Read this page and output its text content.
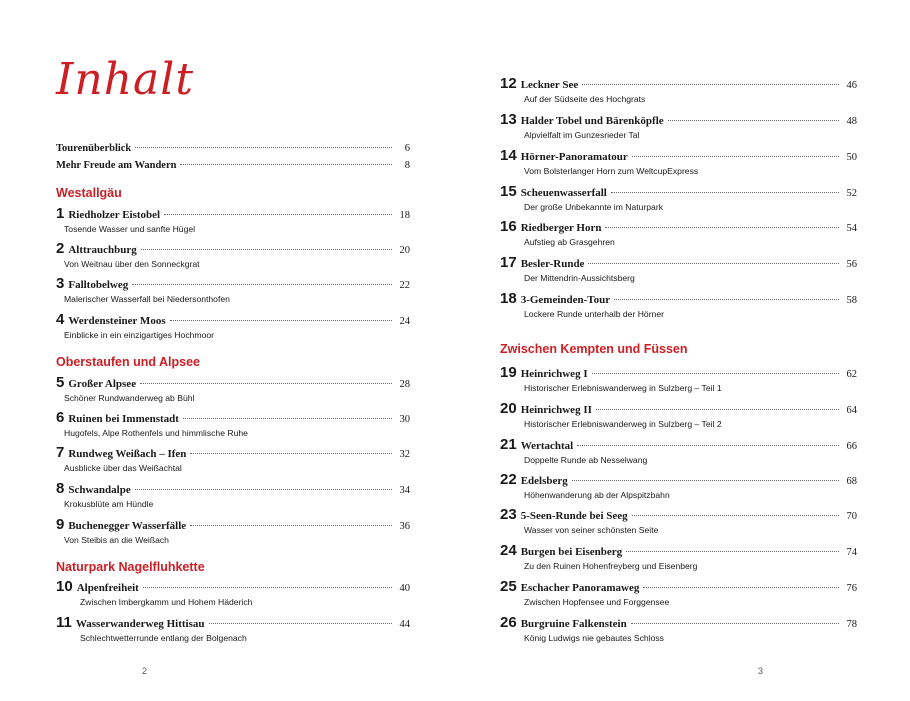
Inhalt
Tourenüberblick	6
Mehr Freude am Wandern	8
Westallgäu
1 Riedholzer Eistobel	18
Tosende Wasser und sanfte Hügel
2 Alttrauchburg	20
Von Weitnau über den Sonneckgrat
3 Falltobelweg	22
Malerischer Wasserfall bei Niedersonthofen
4 Werdensteiner Moos	24
Einblicke in ein einzigartiges Hochmoor
Oberstaufen und Alpsee
5 Großer Alpsee	28
Schöner Rundwanderweg ab Bühl
6 Ruinen bei Immenstadt	30
Hugofels, Alpe Rothenfels und himmlische Ruhe
7 Rundweg Weißach – Ifen	32
Ausblicke über das Weißachtal
8 Schwandalpe	34
Krokusblüte am Hündle
9 Buchenegger Wasserfälle	36
Von Steibis an die Weißach
Naturpark Nagelfluhkette
10 Alpenfreiheit	40
Zwischen Imbergkamm und Hohem Häderich
11 Wasserwanderweg Hittisau	44
Schlechtwetterrunde entlang der Bolgenach
2
12 Leckner See	46
Auf der Südseite des Hochgrats
13 Halder Tobel und Bärenköpfle	48
Alpvielfalt im Gunzesrieder Tal
14 Hörner-Panoramatour	50
Vom Bolsterlanger Horn zum WeltcupExpress
15 Scheuenwasserfall	52
Der große Unbekannte im Naturpark
16 Riedberger Horn	54
Aufstieg ab Grasgehren
17 Besler-Runde	56
Der Mittendrin-Aussichtsberg
18 3-Gemeinden-Tour	58
Lockere Runde unterhalb der Hörner
Zwischen Kempten und Füssen
19 Heinrichweg I	62
Historischer Erlebniswanderweg in Sulzberg – Teil 1
20 Heinrichweg II	64
Historischer Erlebniswanderweg in Sulzberg – Teil 2
21 Wertachtal	66
Doppelte Runde ab Nesselwang
22 Edelsberg	68
Höhenwanderung ab der Alpspitzbahn
23 5-Seen-Runde bei Seeg	70
Wasser von seiner schönsten Seite
24 Burgen bei Eisenberg	74
Zu den Ruinen Hohenfreyberg und Eisenberg
25 Eschacher Panoramaweg	76
Zwischen Hopfensee und Forggensee
26 Burgruine Falkenstein	78
König Ludwigs nie gebautes Schloss
3
